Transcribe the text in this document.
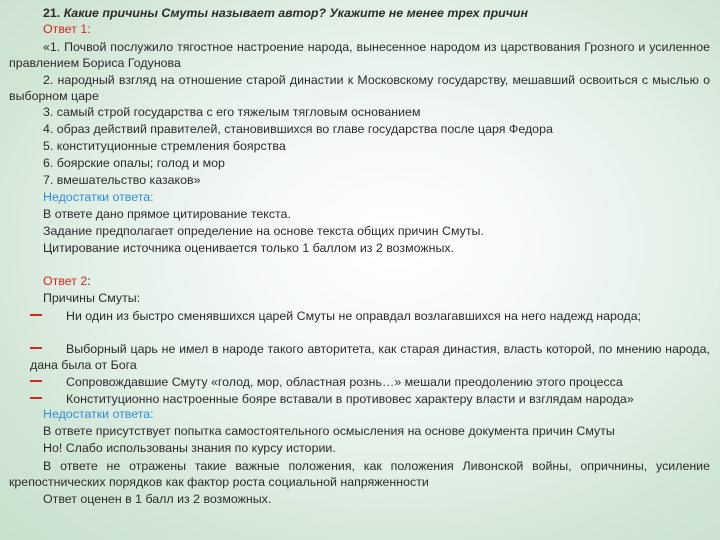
21. Какие причины Смуты называет автор? Укажите не менее трех причин
Ответ 1:
«1. Почвой послужило тягостное настроение народа, вынесенное народом из царствования Грозного и усиленное правлением Бориса Годунова
2. народный взгляд на отношение старой династии к Московскому государству, мешавший освоиться с мыслью о выборном царе
3. самый строй государства с его тяжелым тягловым основанием
4. образ действий правителей, становившихся во главе государства после царя Федора
5. конституционные стремления боярства
6. боярские опалы; голод и мор
7. вмешательство казаков»
Недостатки ответа:
В ответе дано прямое цитирование текста.
Задание предполагает определение на основе текста общих причин Смуты.
Цитирование источника оценивается только 1 баллом из 2 возможных.
Ответ 2:
Причины Смуты:
Ни один из быстро сменявшихся царей Смуты не оправдал возлагавшихся на него надежд народа;
Выборный царь не имел в народе такого авторитета, как старая династия, власть которой, по мнению народа, дана была от Бога
Сопровождавшие Смуту «голод, мор, областная рознь…» мешали преодолению этого процесса
Конституционно настроенные бояре вставали в противовес характеру власти и взглядам народа»
Недостатки ответа:
В ответе присутствует попытка самостоятельного осмысления на основе документа причин Смуты
Но! Слабо использованы знания по курсу истории.
В ответе не отражены такие важные положения, как положения Ливонской войны, опричнины, усиление крепостнических порядков как фактор роста социальной напряженности
Ответ оценен в 1 балл из 2 возможных.
